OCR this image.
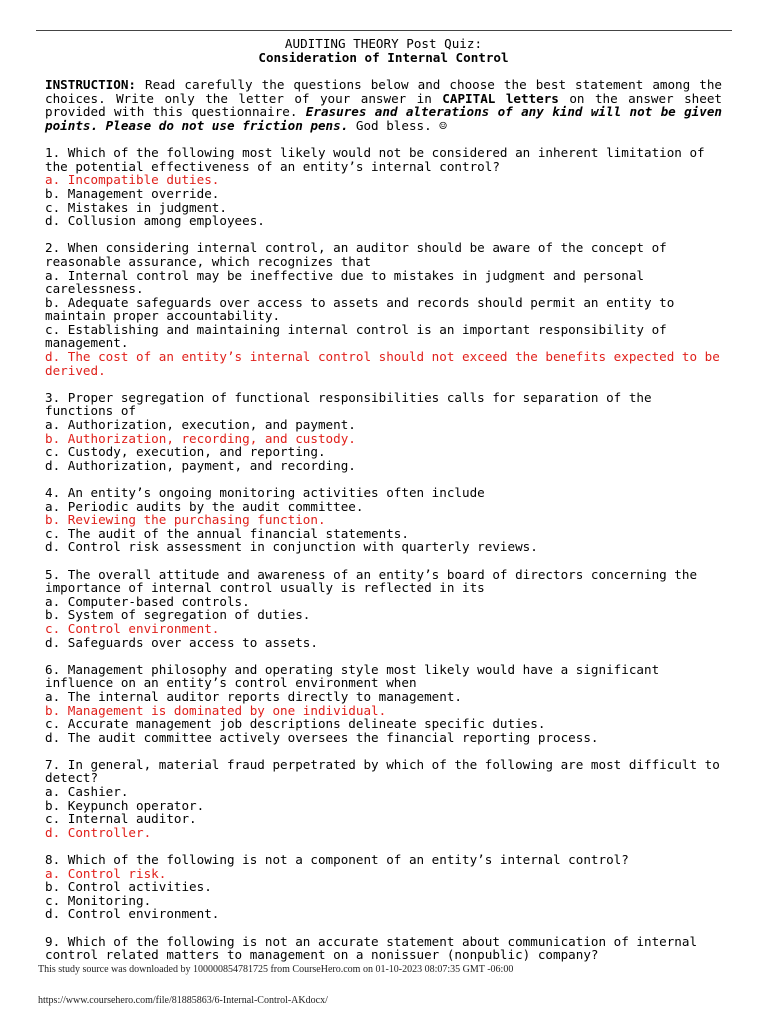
AUDITING THEORY Post Quiz:
Consideration of Internal Control
INSTRUCTION: Read carefully the questions below and choose the best statement among the choices. Write only the letter of your answer in CAPITAL letters on the answer sheet provided with this questionnaire. Erasures and alterations of any kind will not be given points. Please do not use friction pens. God bless. ☺
1. Which of the following most likely would not be considered an inherent limitation of the potential effectiveness of an entity’s internal control?
a. Incompatible duties.
b. Management override.
c. Mistakes in judgment.
d. Collusion among employees.
2. When considering internal control, an auditor should be aware of the concept of reasonable assurance, which recognizes that
a. Internal control may be ineffective due to mistakes in judgment and personal carelessness.
b. Adequate safeguards over access to assets and records should permit an entity to maintain proper accountability.
c. Establishing and maintaining internal control is an important responsibility of management.
d. The cost of an entity’s internal control should not exceed the benefits expected to be derived.
3. Proper segregation of functional responsibilities calls for separation of the functions of
a. Authorization, execution, and payment.
b. Authorization, recording, and custody.
c. Custody, execution, and reporting.
d. Authorization, payment, and recording.
4. An entity’s ongoing monitoring activities often include
a. Periodic audits by the audit committee.
b. Reviewing the purchasing function.
c. The audit of the annual financial statements.
d. Control risk assessment in conjunction with quarterly reviews.
5. The overall attitude and awareness of an entity’s board of directors concerning the importance of internal control usually is reflected in its
a. Computer-based controls.
b. System of segregation of duties.
c. Control environment.
d. Safeguards over access to assets.
6. Management philosophy and operating style most likely would have a significant influence on an entity’s control environment when
a. The internal auditor reports directly to management.
b. Management is dominated by one individual.
c. Accurate management job descriptions delineate specific duties.
d. The audit committee actively oversees the financial reporting process.
7. In general, material fraud perpetrated by which of the following are most difficult to detect?
a. Cashier.
b. Keypunch operator.
c. Internal auditor.
d. Controller.
8. Which of the following is not a component of an entity’s internal control?
a. Control risk.
b. Control activities.
c. Monitoring.
d. Control environment.
9. Which of the following is not an accurate statement about communication of internal control related matters to management on a nonissuer (nonpublic) company?
This study source was downloaded by 100000854781725 from CourseHero.com on 01-10-2023 08:07:35 GMT -06:00
https://www.coursehero.com/file/81885863/6-Internal-Control-AKdocx/
